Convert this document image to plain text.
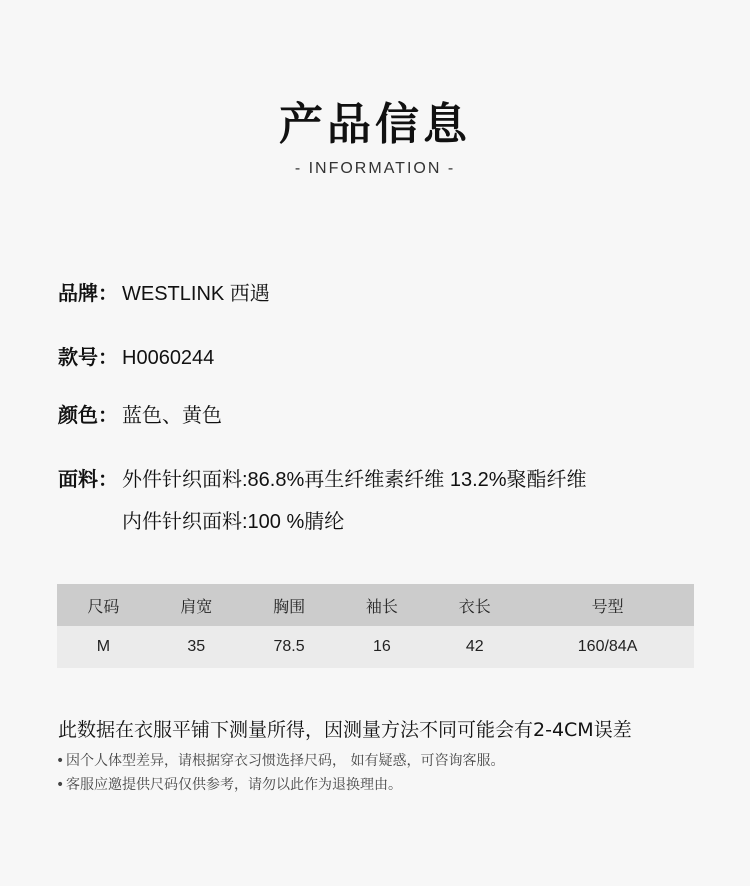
产品信息
- INFORMATION -
品牌： WESTLINK 西遇
款号： H0060244
颜色： 蓝色、黄色
面料： 外件针织面料:86.8%再生纤维素纤维 13.2%聚酯纤维
内件针织面料:100 %腈纶
尺码	肩宽	胸围	袖长	衣长	号型
M	35	78.5	16	42	160/84A
此数据在衣服平铺下测量所得，因测量方法不同可能会有2-4CM误差
• 因个人体型差异，请根据穿衣习惯选择尺码， 如有疑惑，可咨询客服。
• 客服应邀提供尺码仅供参考，请勿以此作为退换理由。
